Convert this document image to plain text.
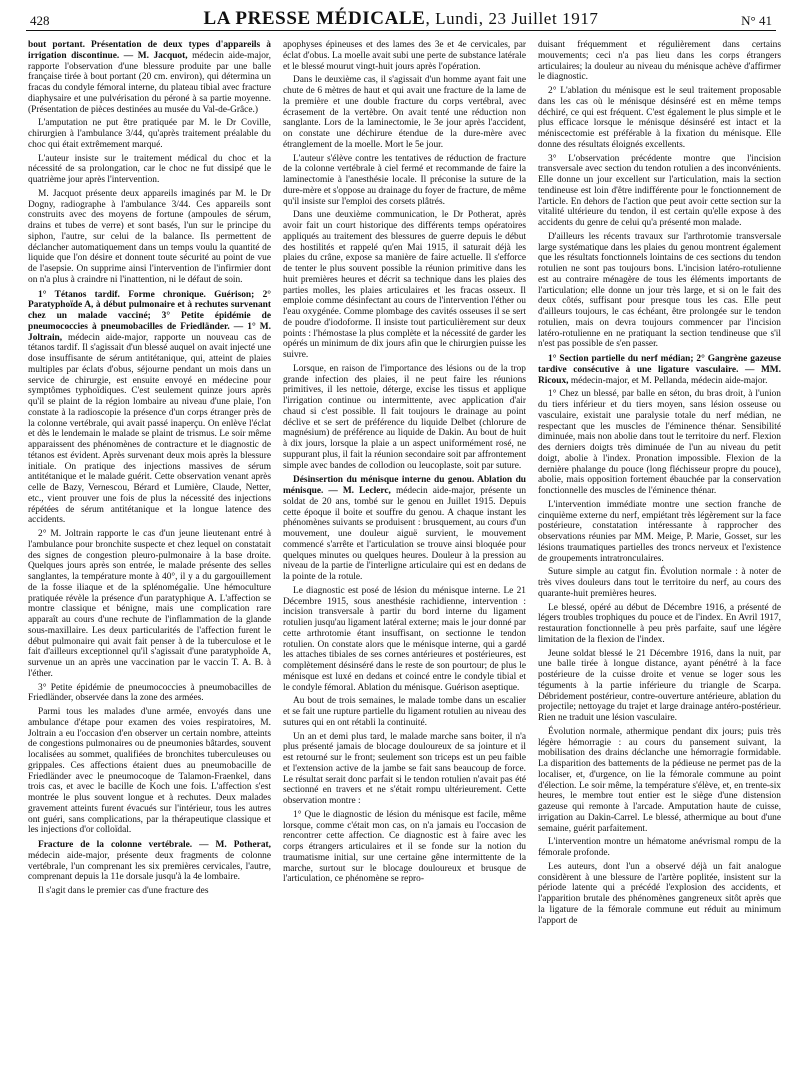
428	LA PRESSE MÉDICALE, Lundi, 23 Juillet 1917	N° 41

bout portant. Présentation de deux types d'appareils à irrigation discontinue. — M. Jacquot, médecin aide-major, rapporte l'observation d'une blessure produite par une balle française tirée à bout portant (20 cm. environ), qui détermina un fracas du condyle fémoral interne, du plateau tibial avec fracture diaphysaire et une pulvérisation du péroné à sa partie moyenne. (Présentation de pièces destinées au musée du Val-de-Grâce.)

L'amputation ne put être pratiquée par M. le Dr Coville, chirurgien à l'ambulance 3/44, qu'après traitement préalable du choc qui était extrêmement marqué.

L'auteur insiste sur le traitement médical du choc et la nécessité de sa prolongation, car le choc ne fut dissipé que le quatrième jour après l'intervention.

M. Jacquot présente deux appareils imaginés par M. le Dr Dogny, radiographe à l'ambulance 3/44. Ces appareils sont construits avec des moyens de fortune (ampoules de sérum, drains et tubes de verre) et sont basés, l'un sur le principe du siphon, l'autre, sur celui de la balance. Ils permettent de déclancher automatiquement dans un temps voulu la quantité de liquide que l'on désire et donnent toute sécurité au point de vue de l'asepsie. On supprime ainsi l'intervention de l'infirmier dont on n'a plus à craindre ni l'inattention, ni le défaut de soin.

1° Tétanos tardif. Forme chronique. Guérison; 2° Paratyphoïde A, à début pulmonaire et à rechutes survenant chez un malade vacciné; 3° Petite épidémie de pneumococcies à pneumobacilles de Friedländer. — 1° M. Joltrain, médecin aide-major, rapporte un nouveau cas de tétanos tardif. Il s'agissait d'un blessé auquel on avait injecté une dose insuffisante de sérum antitétanique, qui, atteint de plaies multiples par éclats d'obus, séjourne pendant un mois dans un service de chirurgie, est ensuite envoyé en médecine pour symptômes typhoïdiques. C'est seulement quinze jours après qu'il se plaint de la région lombaire au niveau d'une plaie, l'on constate à la radioscopie la présence d'un corps étranger près de la colonne vertébrale, qui avait passé inaperçu. On enlève l'éclat et dès le lendemain le malade se plaint de trismus. Le soir même apparaissent des phénomènes de contracture et le diagnostic de tétanos est évident. Après survenant deux mois après la blessure initiale. On pratique des injections massives de sérum antitétanique et le malade guérit. Cette observation venant après celle de Bazy, Vernescou, Bérard et Lumière, Claude, Netter, etc., vient prouver une fois de plus la nécessité des injections répétées de sérum antitétanique et la longue latence des accidents.

2° M. Joltrain rapporte le cas d'un jeune lieutenant entré à l'ambulance pour bronchite suspecte et chez lequel on constatait des signes de congestion pleuro-pulmonaire à la base droite. Quelques jours après son entrée, le malade présente des selles sanglantes, la température monte à 40°, il y a du gargouillement de la fosse iliaque et de la splénomégalie. Une hémoculture pratiquée révèle la présence d'un paratyphique A. L'affection se montre classique et bénigne, mais une complication rare apparaît au cours d'une rechute de l'inflammation de la glande sous-maxillaire. Les deux particularités de l'affection furent le début pulmonaire qui avait fait penser à de la tuberculose et le fait d'ailleurs exceptionnel qu'il s'agissait d'une paratyphoïde A, survenue un an après une vaccination par le vaccin T. A. B. à l'éther.

3° Petite épidémie de pneumococcies à pneumobacilles de Friedländer, observée dans la zone des armées.

Parmi tous les malades d'une armée, envoyés dans une ambulance d'étape pour examen des voies respiratoires, M. Joltrain a eu l'occasion d'en observer un certain nombre, atteints de congestions pulmonaires ou de pneumonies bâtardes, souvent localisées au sommet, qualifiées de bronchites tuberculeuses ou grippales. Ces affections étaient dues au pneumobacille de Friedländer avec le pneumocoque de Talamon-Fraenkel, dans trois cas, et avec le bacille de Koch une fois. L'affection s'est montrée le plus souvent longue et à rechutes. Deux malades gravement atteints furent évacués sur l'intérieur, tous les autres ont guéri, sans complications, par la thérapeutique classique et les injections d'or colloïdal.

Fracture de la colonne vertébrale. — M. Potherat, médecin aide-major, présente deux fragments de colonne vertébrale, l'un comprenant les six premières cervicales, l'autre, comprenant depuis la 11e dorsale jusqu'à la 4e lombaire.

Il s'agit dans le premier cas d'une fracture des

apophyses épineuses et des lames des 3e et 4e cervicales, par éclat d'obus. La moelle avait subi une perte de substance latérale et le blessé mourut vingt-huit jours après l'opération.

Dans le deuxième cas, il s'agissait d'un homme ayant fait une chute de 6 mètres de haut et qui avait une fracture de la lame de la première et une double fracture du corps vertébral, avec écrasement de la vertèbre. On avait tenté une réduction non sanglante. Lors de la laminectomie, le 3e jour après l'accident, on constate une déchirure étendue de la dure-mère avec étranglement de la moelle. Mort le 5e jour.

L'auteur s'élève contre les tentatives de réduction de fracture de la colonne vertébrale à ciel fermé et recommande de faire la laminectomie à l'anesthésie locale. Il préconise la suture de la dure-mère et s'oppose au drainage du foyer de fracture, de même qu'il insiste sur l'emploi des corsets plâtrés.

Dans une deuxième communication, le Dr Potherat, après avoir fait un court historique des différents temps opératoires appliqués au traitement des blessures de guerre depuis le début des hostilités et rappelé qu'en Mai 1915, il saturait déjà les plaies du crâne, expose sa manière de faire actuelle. Il s'efforce de tenter le plus souvent possible la réunion primitive dans les huit premières heures et décrit sa technique dans les plaies des parties molles, les plaies articulaires et les fracas osseux. Il emploie comme désinfectant au cours de l'intervention l'éther ou l'eau oxygénée. Comme plombage des cavités osseuses il se sert de poudre d'iodoforme. Il insiste tout particulièrement sur deux points : l'hémostase la plus complète et la nécessité de garder les opérés un minimum de dix jours afin que le chirurgien puisse les suivre.

Lorsque, en raison de l'importance des lésions ou de la trop grande infection des plaies, il ne peut faire les réunions primitives, il les nettoie, déterge, excise les tissus et applique l'irrigation continue ou intermittente, avec application d'air chaud si c'est possible. Il fait toujours le drainage au point déclive et se sert de préférence du liquide Delbet (chlorure de magnésium) de préférence au liquide de Dakin. Au bout de huit à dix jours, lorsque la plaie a un aspect uniformément rosé, ne suppurant plus, il fait la réunion secondaire soit par affrontement simple avec bandes de collodion ou leucoplaste, soit par suture.

Désinsertion du ménisque interne du genou. Ablation du ménisque. — M. Leclerc, médecin aide-major, présente un soldat de 20 ans, tombé sur le genou en Juillet 1915. Depuis cette époque il boite et souffre du genou. A chaque instant les phénomènes suivants se produisent : brusquement, au cours d'un mouvement, une douleur aiguë survient, le mouvement commencé s'arrête et l'articulation se trouve ainsi bloquée pour quelques minutes ou quelques heures. Douleur à la pression au niveau de la partie de l'interligne articulaire qui est en dedans de la pointe de la rotule.

Le diagnostic est posé de lésion du ménisque interne. Le 21 Décembre 1915, sous anesthésie rachidienne, intervention : incision transversale à partir du bord interne du ligament rotulien jusqu'au ligament latéral externe; mais le jour donné par cette arthrotomie étant insuffisant, on sectionne le tendon rotulien. On constate alors que le ménisque interne, qui a gardé les attaches tibiales de ses cornes antérieures et postérieures, est complètement désinséré dans le reste de son pourtour; de plus le ménisque est luxé en dedans et coincé entre le condyle tibial et le condyle fémoral. Ablation du ménisque. Guérison aseptique.

Au bout de trois semaines, le malade tombe dans un escalier et se fait une rupture partielle du ligament rotulien au niveau des sutures qui en ont rétabli la continuité.

Un an et demi plus tard, le malade marche sans boiter, il n'a plus présenté jamais de blocage douloureux de sa jointure et il est retourné sur le front; seulement son triceps est un peu faible et l'extension active de la jambe se fait sans beaucoup de force. Le résultat serait donc parfait si le tendon rotulien n'avait pas été sectionné en travers et ne s'était rompu ultérieurement. Cette observation montre :

1° Que le diagnostic de lésion du ménisque est facile, même lorsque, comme c'était mon cas, on n'a jamais eu l'occasion de rencontrer cette affection. Ce diagnostic est à faire avec les corps étrangers articulaires et il se fonde sur la notion du traumatisme initial, sur une certaine gêne intermittente de la marche, surtout sur le blocage douloureux et brusque de l'articulation, ce phénomène se repro-

duisant fréquemment et régulièrement dans certains mouvements; ceci n'a pas lieu dans les corps étrangers articulaires; la douleur au niveau du ménisque achève d'affirmer le diagnostic.

2° L'ablation du ménisque est le seul traitement proposable dans les cas où le ménisque désinséré est en même temps déchiré, ce qui est fréquent. C'est également le plus simple et le plus efficace lorsque le ménisque désinséré est intact et la méniscectomie est préférable à la fixation du ménisque. Elle donne des résultats éloignés excellents.

3° L'observation précédente montre que l'incision transversale avec section du tendon rotulien a des inconvénients. Elle donne un jour excellent sur l'articulation, mais la section tendineuse est loin d'être indifférente pour le fonctionnement de l'article. En dehors de l'action que peut avoir cette section sur la vitalité ultérieure du tendon, il est certain qu'elle expose à des accidents du genre de celui qu'a présenté mon malade.

D'ailleurs les récents travaux sur l'arthrotomie transversale large systématique dans les plaies du genou montrent également que les résultats fonctionnels lointains de ces sections du tendon rotulien ne sont pas toujours bons. L'incision latéro-rotulienne est au contraire ménagère de tous les éléments importants de l'articulation; elle donne un jour très large, et si on le fait des deux côtés, suffisant pour presque tous les cas. Elle peut d'ailleurs toujours, le cas échéant, être prolongée sur le tendon rotulien, mais on devra toujours commencer par l'incision latéro-rotulienne en ne pratiquant la section tendineuse que s'il n'est pas possible de s'en passer.

1° Section partielle du nerf médian; 2° Gangrène gazeuse tardive consécutive à une ligature vasculaire. — MM. Ricoux, médecin-major, et M. Pellanda, médecin aide-major.

1° Chez un blessé, par balle en séton, du bras droit, à l'union du tiers inférieur et du tiers moyen, sans lésion osseuse ou vasculaire, existait une paralysie totale du nerf médian, ne respectant que les muscles de l'éminence thénar. Sensibilité diminuée, mais non abolie dans tout le territoire du nerf. Flexion des derniers doigts très diminuée de l'un au niveau du petit doigt, abolie à l'index. Pronation impossible. Flexion de la dernière phalange du pouce (long fléchisseur propre du pouce), abolie, mais opposition fortement ébauchée par la conservation fonctionnelle des muscles de l'éminence thénar.

L'intervention immédiate montre une section franche de cinquième externe du nerf, empiétant très légèrement sur la face postérieure, constatation intéressante à rapprocher des observations réunies par MM. Meige, P. Marie, Gosset, sur les lésions traumatiques partielles des troncs nerveux et l'existence de groupements intratronculaires.

Suture simple au catgut fin. Évolution normale : à noter de très vives douleurs dans tout le territoire du nerf, au cours des quarante-huit premières heures.

Le blessé, opéré au début de Décembre 1916, a présenté de légers troubles trophiques du pouce et de l'index. En Avril 1917, restauration fonctionnelle à peu près parfaite, sauf une légère limitation de la flexion de l'index.

Jeune soldat blessé le 21 Décembre 1916, dans la nuit, par une balle tirée à longue distance, ayant pénétré à la face postérieure de la cuisse droite et venue se loger sous les téguments à la partie inférieure du triangle de Scarpa. Débridement postérieur, contre-ouverture antérieure, ablation du projectile; nettoyage du trajet et large drainage antéro-postérieur. Rien ne traduit une lésion vasculaire.

Évolution normale, athermique pendant dix jours; puis très légère hémorragie : au cours du pansement suivant, la mobilisation des drains déclanche une hémorragie formidable. La disparition des battements de la pédieuse ne permet pas de la localiser, et, d'urgence, on lie la fémorale commune au point d'élection. Le soir même, la température s'élève, et, en trente-six heures, le membre tout entier est le siège d'une distension gazeuse qui remonte à l'arcade. Amputation haute de cuisse, irrigation au Dakin-Carrel. Le blessé, athermique au bout d'une semaine, guérit parfaitement.

L'intervention montre un hématome anévrismal rompu de la fémorale profonde.

Les auteurs, dont l'un a observé déjà un fait analogue considèrent à une blessure de l'artère poplitée, insistent sur la période latente qui a précédé l'explosion des accidents, et l'apparition brutale des phénomènes gangreneux sitôt après que la ligature de la fémorale commune eut réduit au minimum l'apport de
